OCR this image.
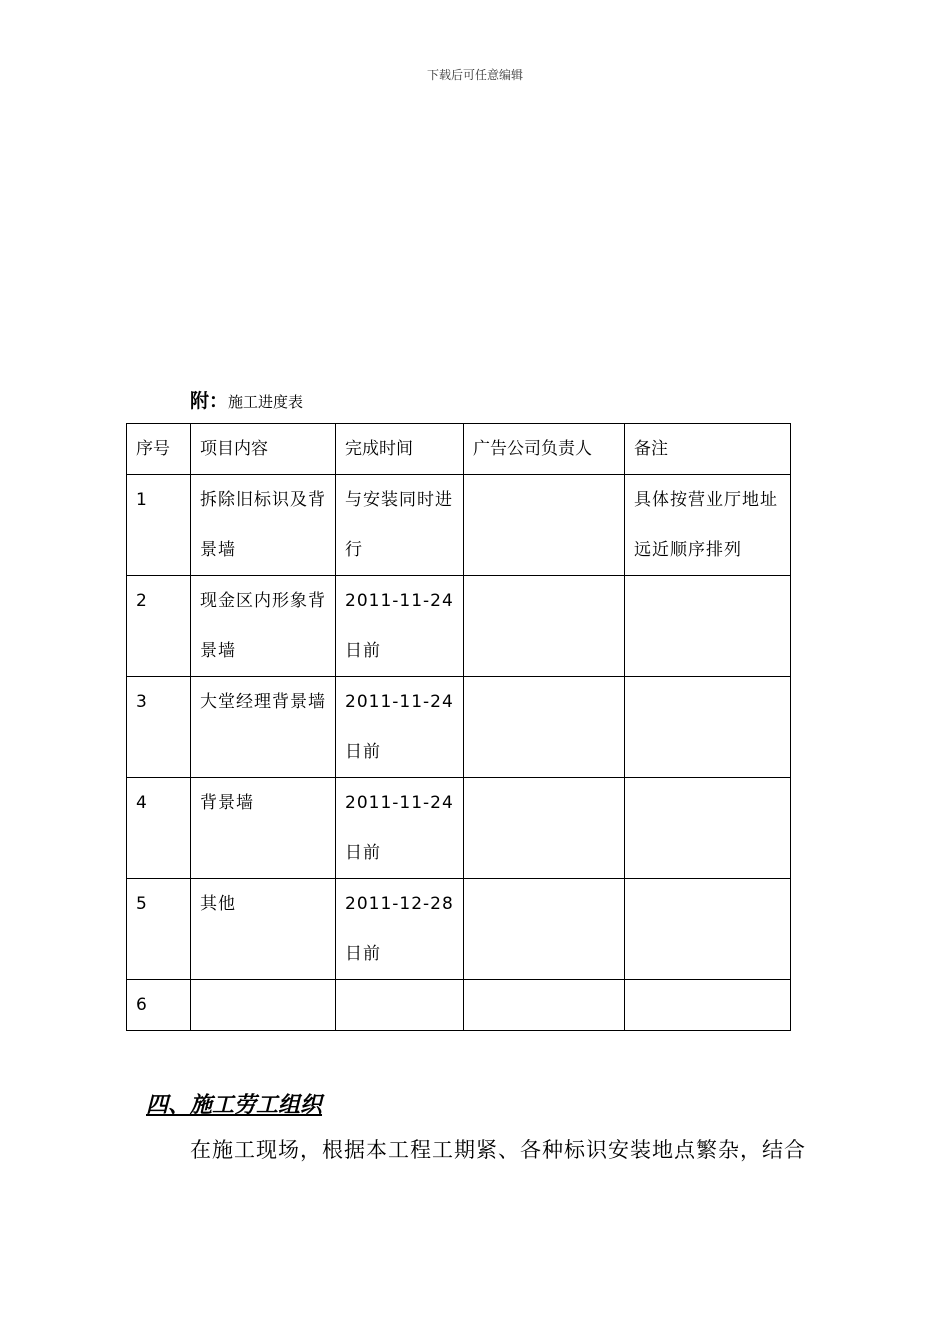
下载后可任意编辑
附：施工进度表
序号	项目内容	完成时间	广告公司负责人	备注
1	拆除旧标识及背景墙	与安装同时进行		具体按营业厅地址远近顺序排列
2	现金区内形象背景墙	2011-11-24日前		
3	大堂经理背景墙	2011-11-24日前		
4	背景墙	2011-11-24日前		
5	其他	2011-12-28日前		
6				
四、施工劳工组织
在施工现场，根据本工程工期紧、各种标识安装地点繁杂，结合
